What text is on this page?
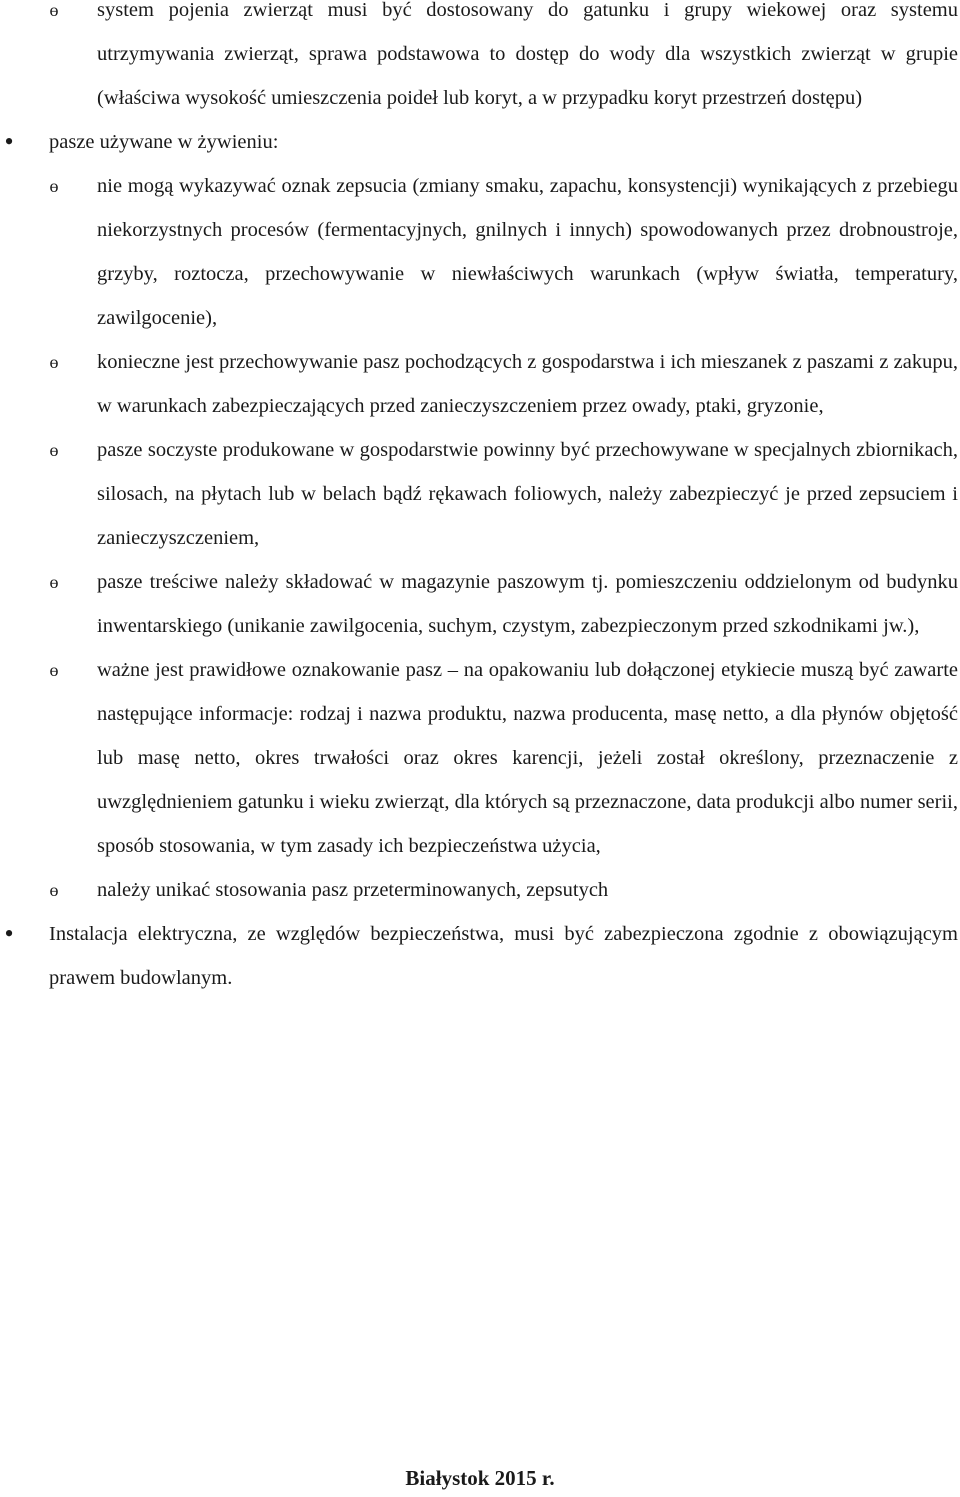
ɵ system pojenia zwierząt musi być dostosowany do gatunku i grupy wiekowej oraz systemu utrzymywania zwierząt, sprawa podstawowa to dostęp do wody dla wszystkich zwierząt w grupie (właściwa wysokość umieszczenia poideł lub koryt, a w przypadku koryt przestrzeń dostępu)
• pasze używane w żywieniu:
ɵ nie mogą wykazywać oznak zepsucia (zmiany smaku, zapachu, konsystencji) wynikających z przebiegu niekorzystnych procesów (fermentacyjnych, gnilnych i innych) spowodowanych przez drobnoustroje, grzyby, roztocza, przechowywanie w niewłaściwych warunkach (wpływ światła, temperatury, zawilgocenie),
ɵ konieczne jest przechowywanie pasz pochodzących z gospodarstwa i ich mieszanek z paszami z zakupu, w warunkach zabezpieczających przed zanieczyszczeniem przez owady, ptaki, gryzonie,
ɵ pasze soczyste produkowane w gospodarstwie powinny być przechowywane w specjalnych zbiornikach, silosach, na płytach lub w belach bądź rękawach foliowych, należy zabezpieczyć je przed zepsuciem i zanieczyszczeniem,
ɵ pasze treściwe należy składować w magazynie paszowym tj. pomieszczeniu oddzielonym od budynku inwentarskiego (unikanie zawilgocenia, suchym, czystym, zabezpieczonym przed szkodnikami jw.),
ɵ ważne jest prawidłowe oznakowanie pasz – na opakowaniu lub dołączonej etykiecie muszą być zawarte następujące informacje: rodzaj i nazwa produktu, nazwa producenta, masę netto, a dla płynów objętość lub masę netto, okres trwałości oraz okres karencji, jeżeli został określony, przeznaczenie z uwzględnieniem gatunku i wieku zwierząt, dla których są przeznaczone, data produkcji albo numer serii, sposób stosowania, w tym zasady ich bezpieczeństwa użycia,
ɵ należy unikać stosowania pasz przeterminowanych, zepsutych
• Instalacja elektryczna, ze względów bezpieczeństwa, musi być zabezpieczona zgodnie z obowiązującym prawem budowlanym.
Białystok 2015 r.
